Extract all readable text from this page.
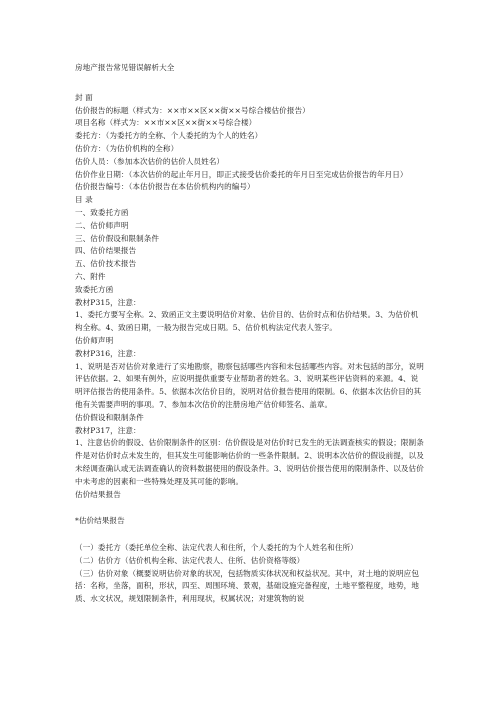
房地产报告常见错误解析大全
封 面
估价报告的标题（样式为：××市××区××街××号综合楼估价报告）
项目名称（样式为：××市××区××街××号综合楼）
委托方：（为委托方的全称、个人委托的为个人的姓名）
估价方：（为估价机构的全称）
估价人员：（参加本次估价的估价人员姓名）
估价作业日期：（本次估价的起止年月日，即正式接受估价委托的年月日至完成估价报告的年月日）
估价报告编号：（本估价报告在本估价机构内的编号）
目 录
一、致委托方函
二、估价师声明
三、估价假设和限制条件
四、估价结果报告
五、估价技术报告
六、附件
致委托方函
教材P315，注意：
1、委托方要写全称。2、致函正文主要说明估价对象、估价目的、估价时点和估价结果。3、为估价机构全称。4、致函日期，一般为报告完成日期。5、估价机构法定代表人签字。
估价师声明
教材P316，注意：
1、说明是否对估价对象进行了实地勘察，勘察包括哪些内容和未包括哪些内容。对未包括的部分，说明评估依据。2、如果有例外，应说明提供重要专业帮助者的姓名。3、说明某些评估资料的来源。4、说明评估报告的使用条件。5、依据本次估价目的，说明对估价报告使用的限制。6、依据本次估价目的其他有关需要声明的事项。7、参加本次估价的注册房地产估价师签名、盖章。
估价假设和限制条件
教材P317，注意：
1、注意估价的假设、估价限制条件的区别：估价假设是对估价时已发生的无法调查核实的假设；限制条件是对估价时点未发生的，但其发生可能影响估价的一些条件限制。2、说明本次估价的假设前提，以及未经调查确认或无法调查确认的资料数据使用的假设条件。3、说明估价报告使用的限制条件、以及估价中未考虑的因素和一些特殊处理及其可能的影响。
估价结果报告
*估价结果报告
（一）委托方（委托单位全称、法定代表人和住所，个人委托的为个人姓名和住所）
（二）估价方（估价机构全称、法定代表人、住所、估价资格等级）
（三）估价对象（概要说明估价对象的状况，包括物质实体状况和权益状况。其中，对土地的说明应包括：名称，坐落，面积，形状，四至、周围环境、景观，基础设施完备程度，土地平整程度，地势，地质、水文状况，规划限制条件，利用现状，权属状况；对建筑物的说
